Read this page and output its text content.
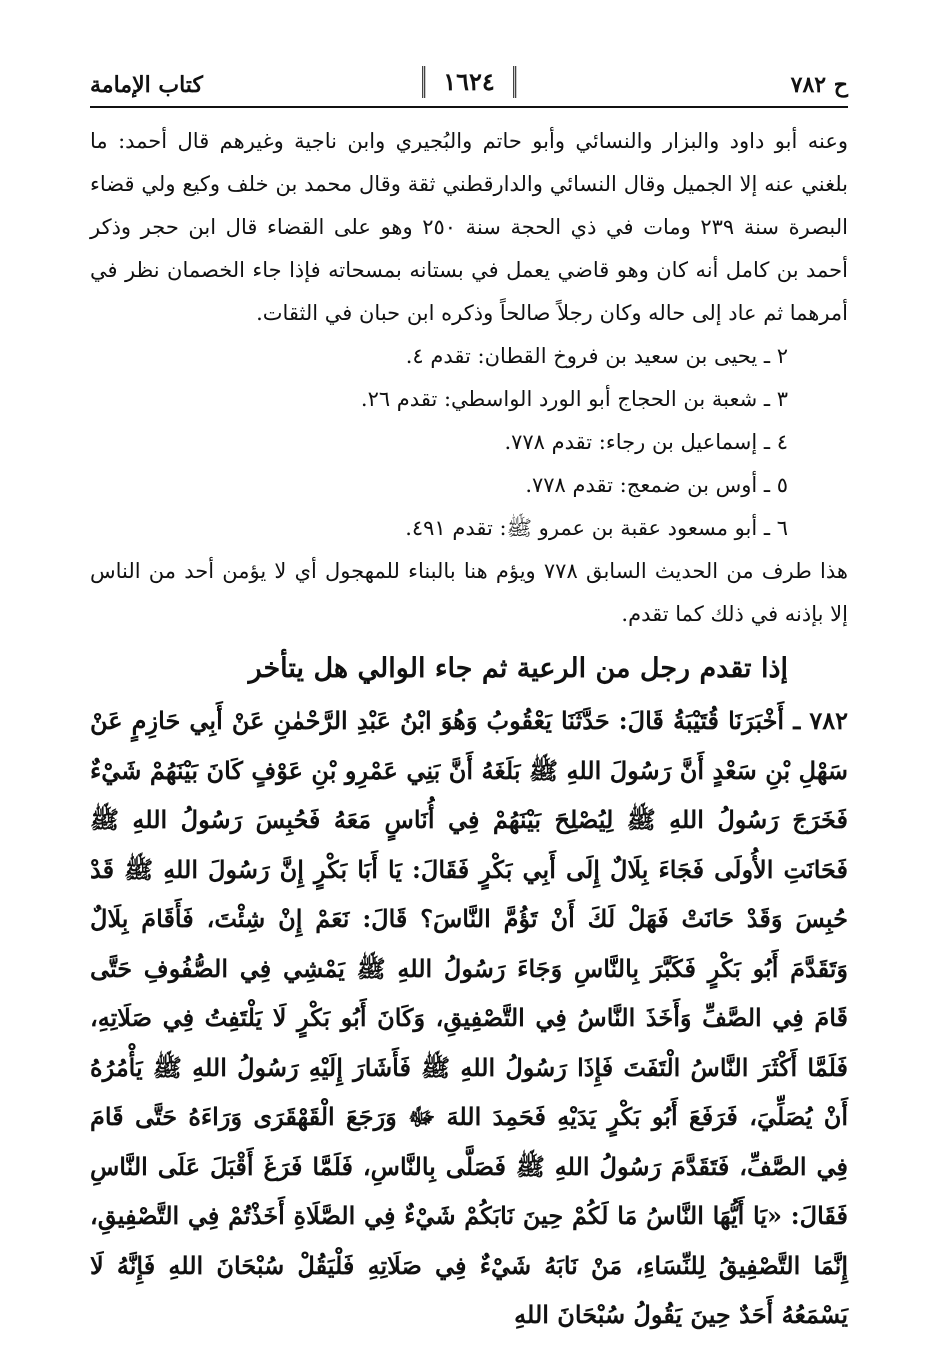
ح ٧٨٢
١٦٢٤
كتاب الإمامة

وعنه أبو داود والبزار والنسائي وأبو حاتم والبُجيري وابن ناجية وغيرهم قال أحمد: ما بلغني عنه إلا الجميل وقال النسائي والدارقطني ثقة وقال محمد بن خلف وكيع ولي قضاء البصرة سنة ٢٣٩ ومات في ذي الحجة سنة ٢٥٠ وهو على القضاء قال ابن حجر وذكر أحمد بن كامل أنه كان وهو قاضي يعمل في بستانه بمسحاته فإذا جاء الخصمان نظر في أمرهما ثم عاد إلى حاله وكان رجلاً صالحاً وذكره ابن حبان في الثقات.

٢ ـ يحيى بن سعيد بن فروخ القطان: تقدم ٤.
٣ ـ شعبة بن الحجاج أبو الورد الواسطي: تقدم ٢٦.
٤ ـ إسماعيل بن رجاء: تقدم ٧٧٨.
٥ ـ أوس بن ضمعج: تقدم ٧٧٨.
٦ ـ أبو مسعود عقبة بن عمرو ﷺ: تقدم ٤٩١.

هذا طرف من الحديث السابق ٧٧٨ ويؤم هنا بالبناء للمهجول أي لا يؤمن أحد من الناس إلا بإذنه في ذلك كما تقدم.

إذا تقدم رجل من الرعية ثم جاء الوالي هل يتأخر

٧٨٢ ـ أَخْبَرَنَا قُتَيْبَةُ قَالَ: حَدَّثَنَا يَعْقُوبُ وَهُوَ ابْنُ عَبْدِ الرَّحْمٰنِ عَنْ أَبِي حَازِمٍ عَنْ سَهْلِ بْنِ سَعْدٍ أَنَّ رَسُولَ اللهِ ﷺ بَلَغَهُ أَنَّ بَنِي عَمْرِو بْنِ عَوْفٍ كَانَ بَيْنَهُمْ شَيْءٌ فَخَرَجَ رَسُولُ اللهِ ﷺ لِيُصْلِحَ بَيْنَهُمْ فِي أُنَاسٍ مَعَهُ فَحُبِسَ رَسُولُ اللهِ ﷺ فَحَانَتِ الأُولَى فَجَاءَ بِلَالٌ إِلَى أَبِي بَكْرٍ فَقَالَ: يَا أَبَا بَكْرٍ إِنَّ رَسُولَ اللهِ ﷺ قَدْ حُبِسَ وَقَدْ حَانَتْ فَهَلْ لَكَ أَنْ تَؤُمَّ النَّاسَ؟ قَالَ: نَعَمْ إِنْ شِئْتَ، فَأَقَامَ بِلَالٌ وَتَقَدَّمَ أَبُو بَكْرٍ فَكَبَّرَ بِالنَّاسِ وَجَاءَ رَسُولُ اللهِ ﷺ يَمْشِي فِي الصُّفُوفِ حَتَّى قَامَ فِي الصَّفِّ وَأَخَذَ النَّاسُ فِي التَّصْفِيقِ، وَكَانَ أَبُو بَكْرٍ لَا يَلْتَفِتُ فِي صَلَاتِهِ، فَلَمَّا أَكْثَرَ النَّاسُ الْتَفَتَ فَإِذَا رَسُولُ اللهِ ﷺ فَأَشَارَ إِلَيْهِ رَسُولُ اللهِ ﷺ يَأْمُرُهُ أَنْ يُصَلِّيَ، فَرَفَعَ أَبُو بَكْرٍ يَدَيْهِ فَحَمِدَ اللهَ ﷻ وَرَجَعَ الْقَهْقَرَى وَرَاءَهُ حَتَّى قَامَ فِي الصَّفِّ، فَتَقَدَّمَ رَسُولُ اللهِ ﷺ فَصَلَّى بِالنَّاسِ، فَلَمَّا فَرَغَ أَقْبَلَ عَلَى النَّاسِ فَقَالَ: «يَا أَيُّهَا النَّاسُ مَا لَكُمْ حِينَ نَابَكُمْ شَيْءٌ فِي الصَّلَاةِ أَخَذْتُمْ فِي التَّصْفِيقِ، إِنَّمَا التَّصْفِيقُ لِلنِّسَاءِ، مَنْ نَابَهُ شَيْءٌ فِي صَلَاتِهِ فَلْيَقُلْ سُبْحَانَ اللهِ فَإِنَّهُ لَا يَسْمَعُهُ أَحَدٌ حِينَ يَقُولُ سُبْحَانَ اللهِ
